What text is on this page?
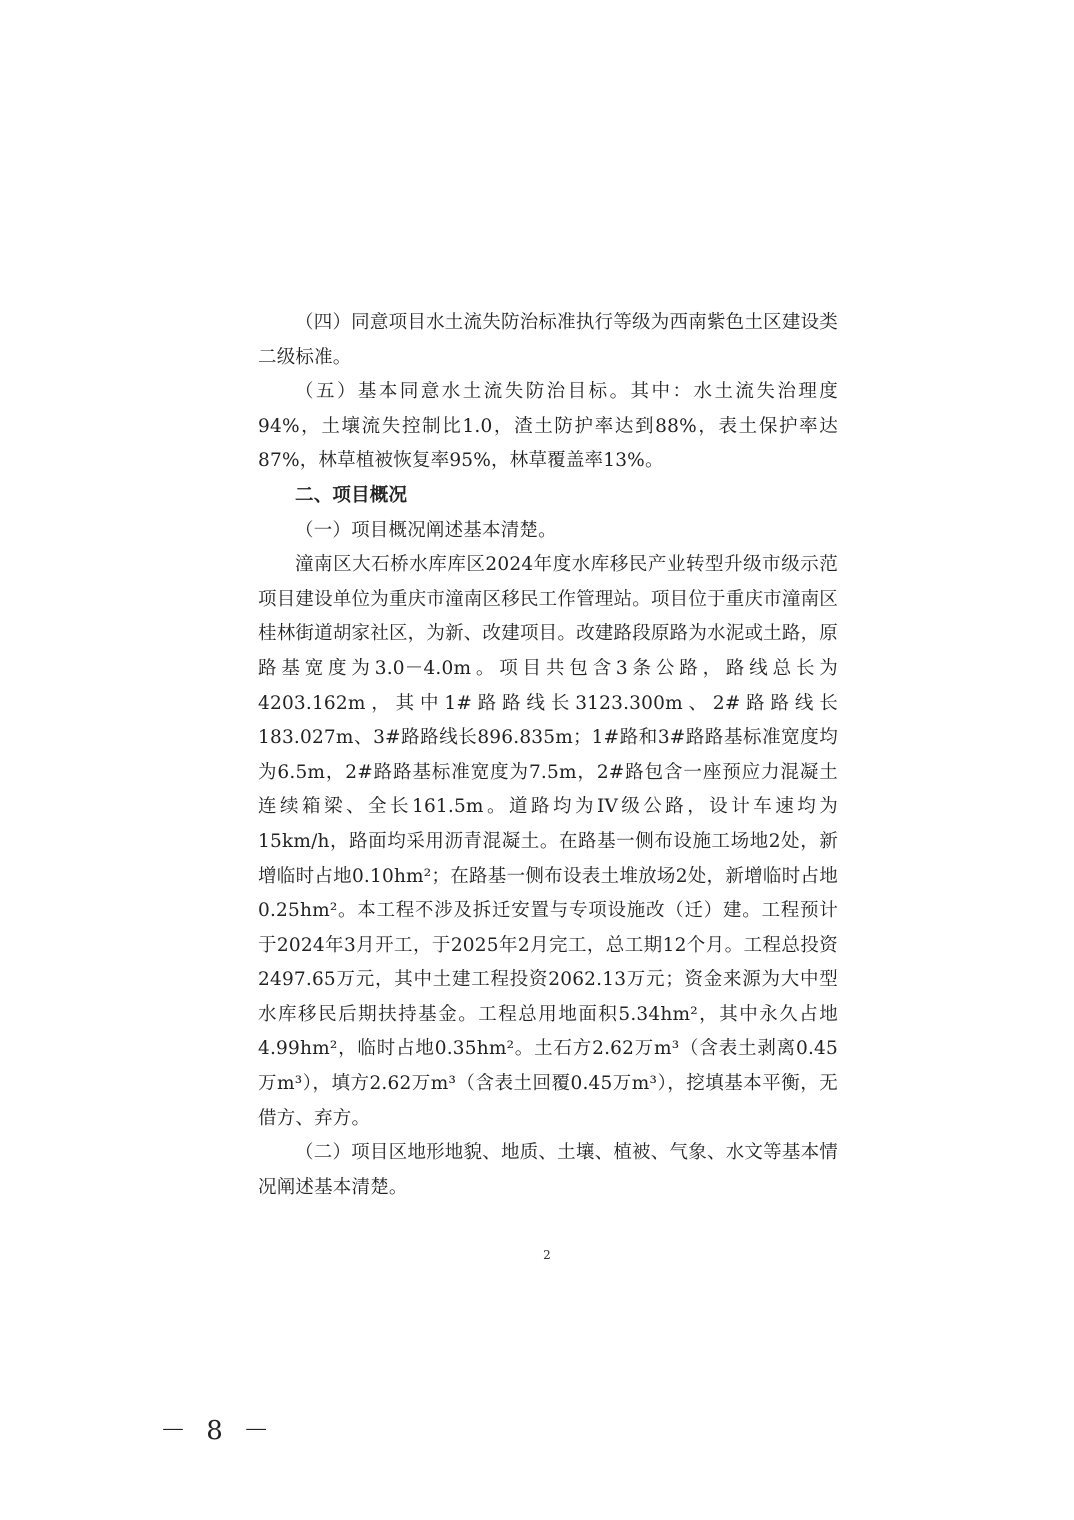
（四）同意项目水土流失防治标准执行等级为西南紫色土区建设类二级标准。

（五）基本同意水土流失防治目标。其中：水土流失治理度94%，土壤流失控制比1.0，渣土防护率达到88%，表土保护率达87%，林草植被恢复率95%，林草覆盖率13%。

二、项目概况

（一）项目概况阐述基本清楚。

潼南区大石桥水库库区2024年度水库移民产业转型升级市级示范项目建设单位为重庆市潼南区移民工作管理站。项目位于重庆市潼南区桂林街道胡家社区，为新、改建项目。改建路段原路为水泥或土路，原路基宽度为3.0－4.0m。项目共包含3条公路，路线总长为4203.162m，其中1#路路线长3123.300m、2#路路线长183.027m、3#路路线长896.835m；1#路和3#路路基标准宽度均为6.5m，2#路路基标准宽度为7.5m，2#路包含一座预应力混凝土连续箱梁、全长161.5m。道路均为IV级公路，设计车速均为15km/h，路面均采用沥青混凝土。在路基一侧布设施工场地2处，新增临时占地0.10hm²；在路基一侧布设表土堆放场2处，新增临时占地0.25hm²。本工程不涉及拆迁安置与专项设施改（迁）建。工程预计于2024年3月开工，于2025年2月完工，总工期12个月。工程总投资2497.65万元，其中土建工程投资2062.13万元；资金来源为大中型水库移民后期扶持基金。工程总用地面积5.34hm²，其中永久占地4.99hm²，临时占地0.35hm²。土石方2.62万m³（含表土剥离0.45万m³），填方2.62万m³（含表土回覆0.45万m³），挖填基本平衡，无借方、弃方。

（二）项目区地形地貌、地质、土壤、植被、气象、水文等基本情况阐述基本清楚。

2
－ 8 －
